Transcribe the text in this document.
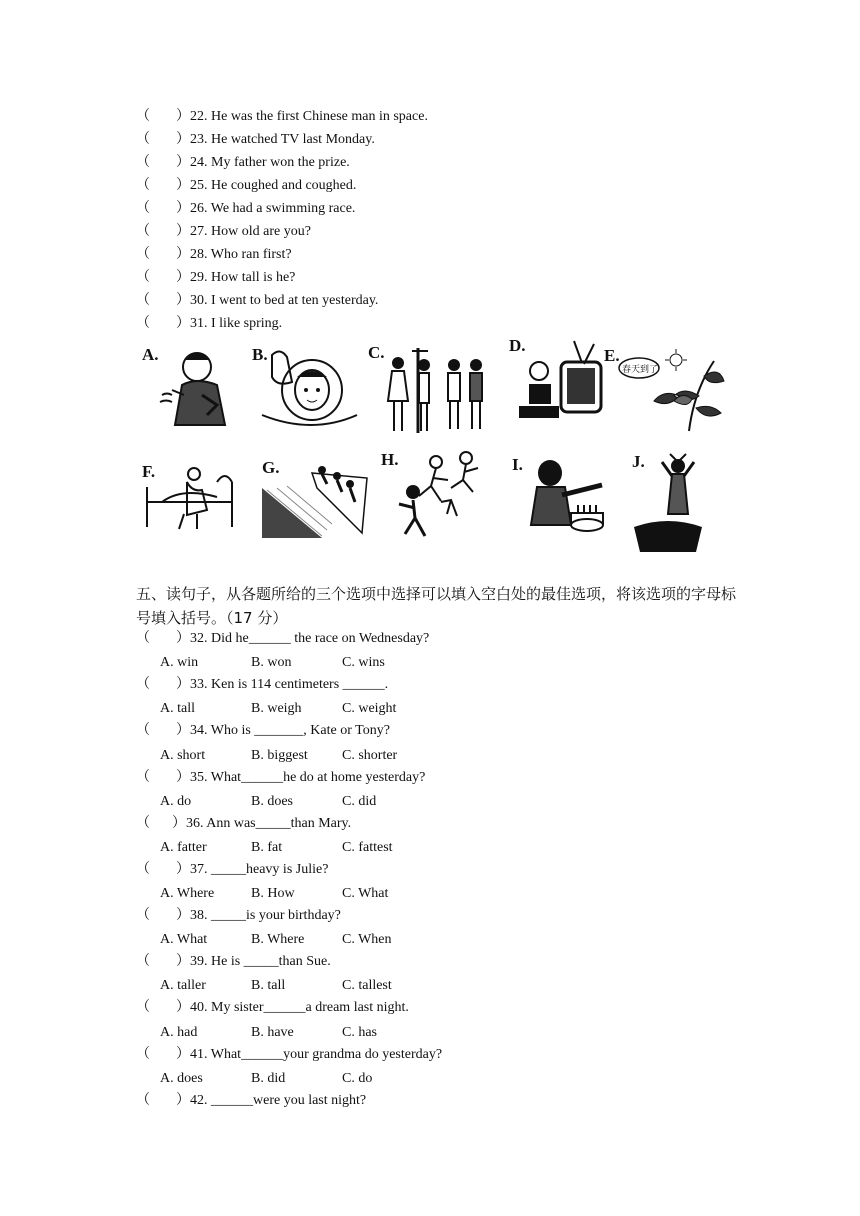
（ ）22. He was the first Chinese man in space.
（ ）23. He watched TV last Monday.
（ ）24. My father won the prize.
（ ）25. He coughed and coughed.
（ ）26. We had a swimming race.
（ ）27. How old are you?
（ ）28. Who ran first?
（ ）29. How tall is he?
（ ）30. I went to bed at ten yesterday.
（ ）31. I like spring.
A.	B.	C.	D.
E.
春天到了
F.	G.	H.	I.	J.
五、读句子，从各题所给的三个选项中选择可以填入空白处的最佳选项，将该选项的字母标
号填入括号。（17 分）
（ ）32. Did he______ the race on Wednesday?
A. win	B. won	C. wins
（ ）33. Ken is 114 centimeters ______.
A. tall	B. weigh	C. weight
（ ）34. Who is _______, Kate or Tony?
A. short	B. biggest C. shorter
（ ）35. What______he do at home yesterday?
A. do	B. does	C. did
（ ）36. Ann was_____than Mary.
A. fatter	B. fat	C. fattest
（ ）37. _____heavy is Julie?
A. Where	B. How	C. What
（ ）38. _____is your birthday?
A. What	B. Where	C. When
（ ）39. He is _____than Sue.
A. taller	B. tall	C. tallest
（ ）40. My sister______a dream last night.
A. had	B. have	C. has
（ ）41. What______your grandma do yesterday?
A. does	B. did	C. do
（ ）42. ______were you last night?
